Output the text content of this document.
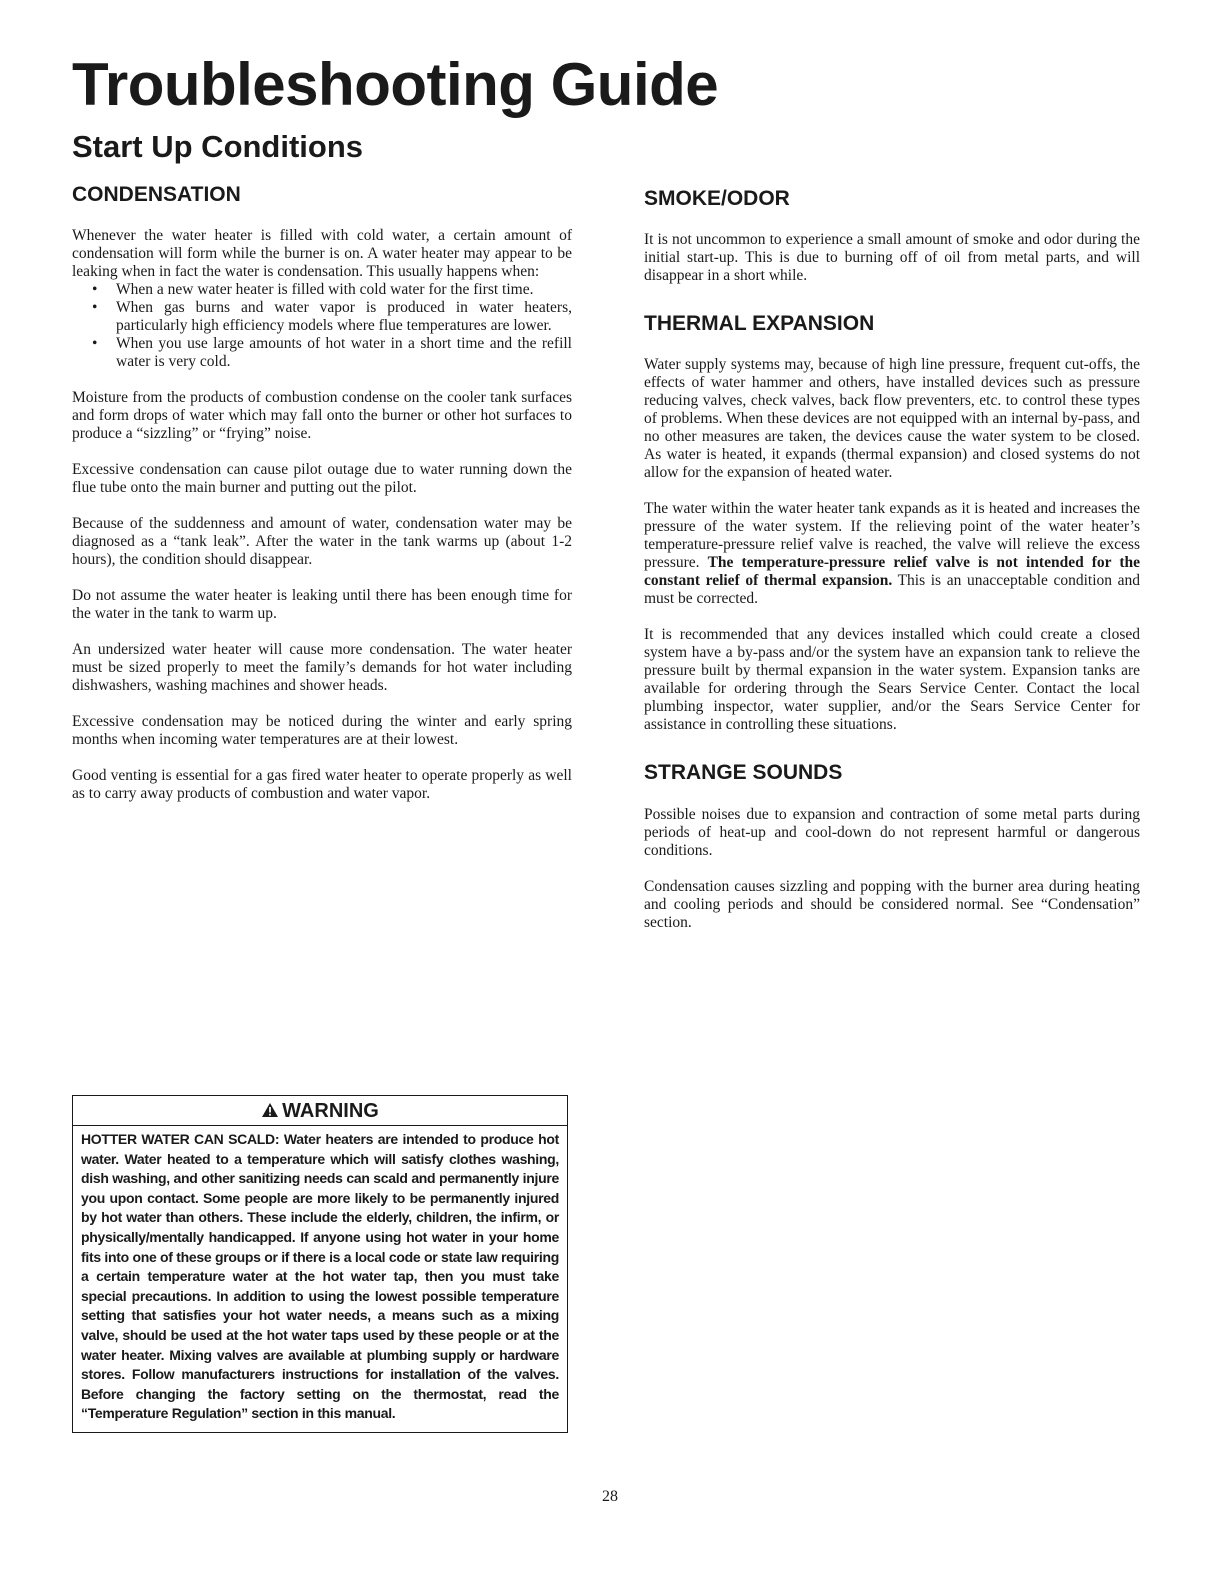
Troubleshooting Guide
Start Up Conditions
CONDENSATION

Whenever the water heater is filled with cold water, a certain amount of condensation will form while the burner is on. A water heater may appear to be leaking when in fact the water is condensation. This usually happens when:

• When a new water heater is filled with cold water for the first time.
• When gas burns and water vapor is produced in water heaters, particularly high efficiency models where flue temperatures are lower.
• When you use large amounts of hot water in a short time and the refill water is very cold.

Moisture from the products of combustion condense on the cooler tank surfaces and form drops of water which may fall onto the burner or other hot surfaces to produce a “sizzling” or “frying” noise.

Excessive condensation can cause pilot outage due to water running down the flue tube onto the main burner and putting out the pilot.

Because of the suddenness and amount of water, condensation water may be diagnosed as a “tank leak”. After the water in the tank warms up (about 1-2 hours), the condition should disappear.

Do not assume the water heater is leaking until there has been enough time for the water in the tank to warm up.

An undersized water heater will cause more condensation. The water heater must be sized properly to meet the family’s demands for hot water including dishwashers, washing machines and shower heads.

Excessive condensation may be noticed during the winter and early spring months when incoming water temperatures are at their lowest.

Good venting is essential for a gas fired water heater to operate properly as well as to carry away products of combustion and water vapor.

WARNING

HOTTER WATER CAN SCALD: Water heaters are intended to produce hot water. Water heated to a temperature which will satisfy clothes washing, dish washing, and other sanitizing needs can scald and permanently injure you upon contact. Some people are more likely to be permanently injured by hot water than others. These include the elderly, children, the infirm, or physically/mentally handicapped. If anyone using hot water in your home fits into one of these groups or if there is a local code or state law requiring a certain temperature water at the hot water tap, then you must take special precautions. In addition to using the lowest possible temperature setting that satisfies your hot water needs, a means such as a mixing valve, should be used at the hot water taps used by these people or at the water heater. Mixing valves are available at plumbing supply or hardware stores. Follow manufacturers instructions for installation of the valves. Before changing the factory setting on the thermostat, read the “Temperature Regulation” section in this manual.

SMOKE/ODOR

It is not uncommon to experience a small amount of smoke and odor during the initial start-up. This is due to burning off of oil from metal parts, and will disappear in a short while.

THERMAL EXPANSION

Water supply systems may, because of high line pressure, frequent cut-offs, the effects of water hammer and others, have installed devices such as pressure reducing valves, check valves, back flow preventers, etc. to control these types of problems. When these devices are not equipped with an internal by-pass, and no other measures are taken, the devices cause the water system to be closed. As water is heated, it expands (thermal expansion) and closed systems do not allow for the expansion of heated water.

The water within the water heater tank expands as it is heated and increases the pressure of the water system. If the relieving point of the water heater’s temperature-pressure relief valve is reached, the valve will relieve the excess pressure. The temperature-pressure relief valve is not intended for the constant relief of thermal expansion. This is an unacceptable condition and must be corrected.

It is recommended that any devices installed which could create a closed system have a by-pass and/or the system have an expansion tank to relieve the pressure built by thermal expansion in the water system. Expansion tanks are available for ordering through the Sears Service Center. Contact the local plumbing inspector, water supplier, and/or the Sears Service Center for assistance in controlling these situations.

STRANGE SOUNDS

Possible noises due to expansion and contraction of some metal parts during periods of heat-up and cool-down do not represent harmful or dangerous conditions.

Condensation causes sizzling and popping with the burner area during heating and cooling periods and should be considered normal. See “Condensation” section.

28
